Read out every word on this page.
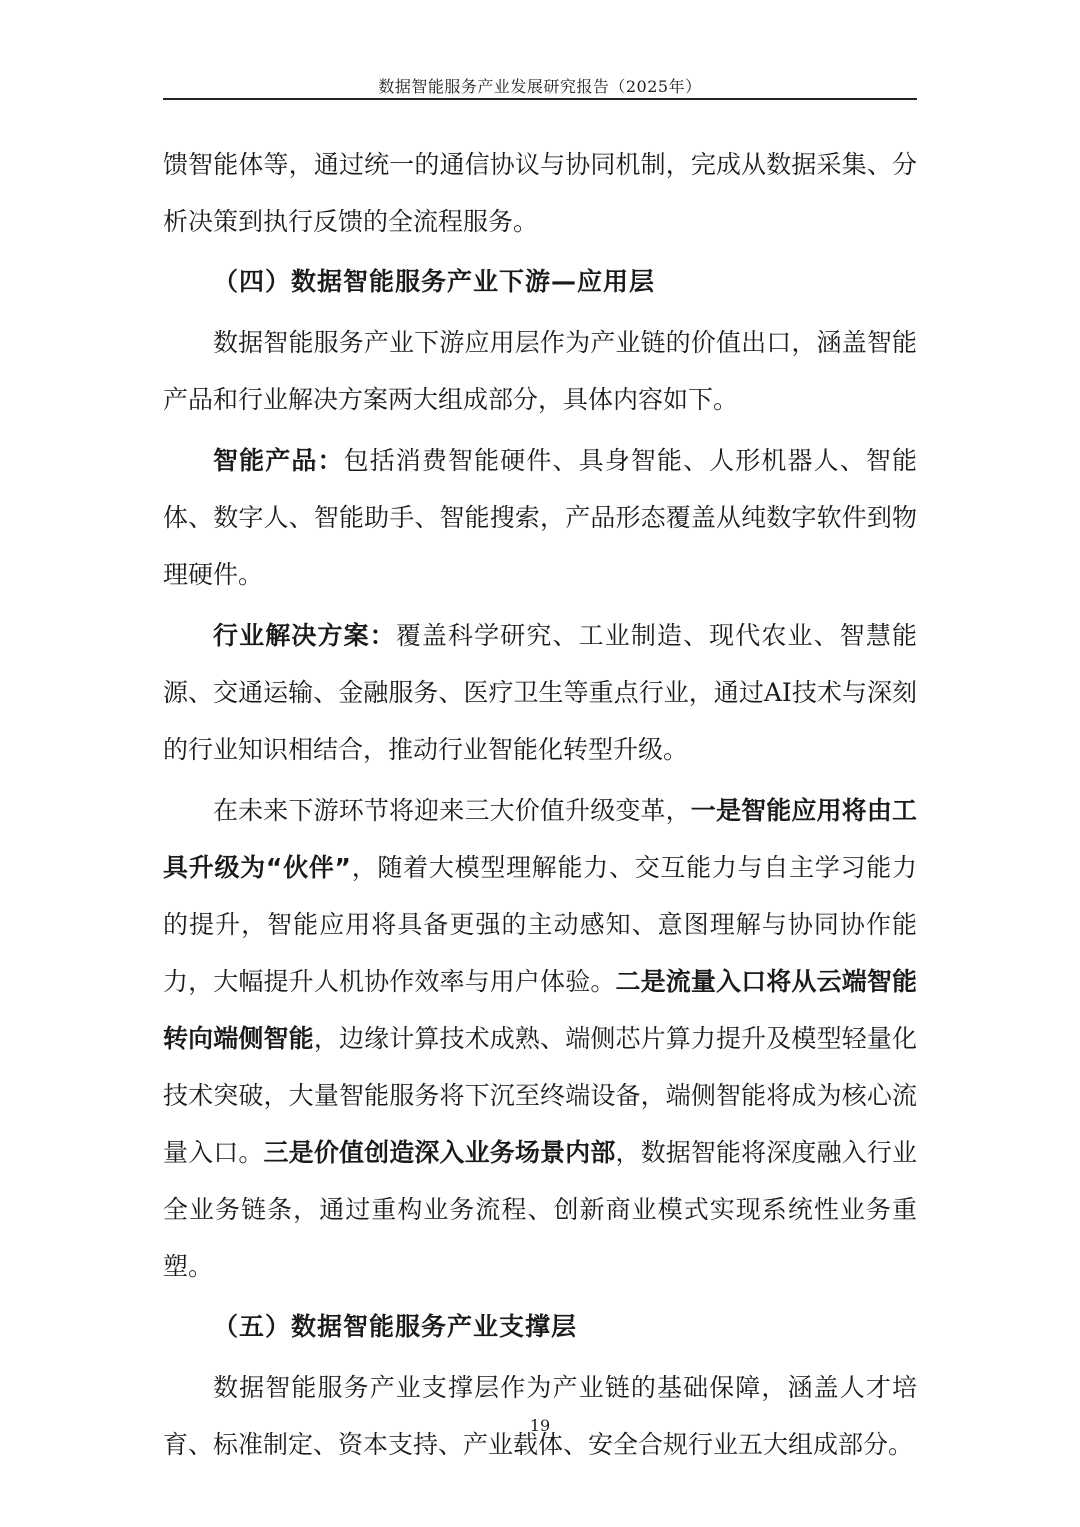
数据智能服务产业发展研究报告（2025年）

馈智能体等，通过统一的通信协议与协同机制，完成从数据采集、分析决策到执行反馈的全流程服务。

（四）数据智能服务产业下游—应用层

数据智能服务产业下游应用层作为产业链的价值出口，涵盖智能产品和行业解决方案两大组成部分，具体内容如下。

智能产品：包括消费智能硬件、具身智能、人形机器人、智能体、数字人、智能助手、智能搜索，产品形态覆盖从纯数字软件到物理硬件。

行业解决方案：覆盖科学研究、工业制造、现代农业、智慧能源、交通运输、金融服务、医疗卫生等重点行业，通过AI技术与深刻的行业知识相结合，推动行业智能化转型升级。

在未来下游环节将迎来三大价值升级变革，一是智能应用将由工具升级为“伙伴”，随着大模型理解能力、交互能力与自主学习能力的提升，智能应用将具备更强的主动感知、意图理解与协同协作能力，大幅提升人机协作效率与用户体验。二是流量入口将从云端智能转向端侧智能，边缘计算技术成熟、端侧芯片算力提升及模型轻量化技术突破，大量智能服务将下沉至终端设备，端侧智能将成为核心流量入口。三是价值创造深入业务场景内部，数据智能将深度融入行业全业务链条，通过重构业务流程、创新商业模式实现系统性业务重塑。

（五）数据智能服务产业支撑层

数据智能服务产业支撑层作为产业链的基础保障，涵盖人才培育、标准制定、资本支持、产业载体、安全合规行业五大组成部分。

19
